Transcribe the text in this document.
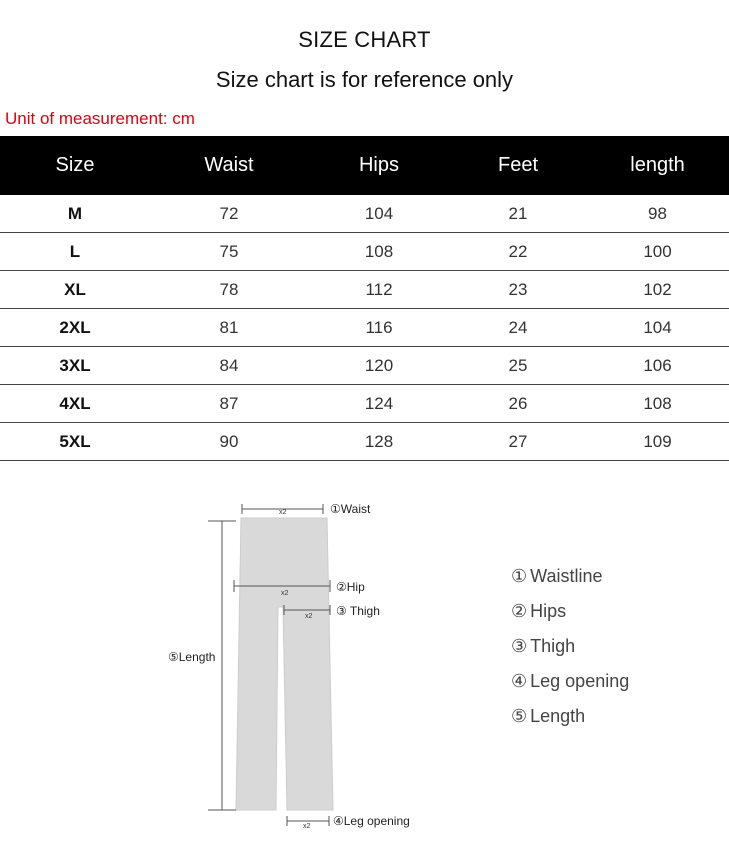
SIZE CHART
Size chart is for reference only
Unit of measurement: cm
Size	Waist	Hips	Feet	length
M	72	104	21	98
L	75	108	22	100
XL	78	112	23	102
2XL	81	116	24	104
3XL	84	120	25	106
4XL	87	124	26	108
5XL	90	128	27	109
x2	①Waist
x2	②Hip
x2 ③ Thigh
⑤Length
x2 ④Leg opening
① Waistline
② Hips
③ Thigh
④ Leg opening
⑤ Length
